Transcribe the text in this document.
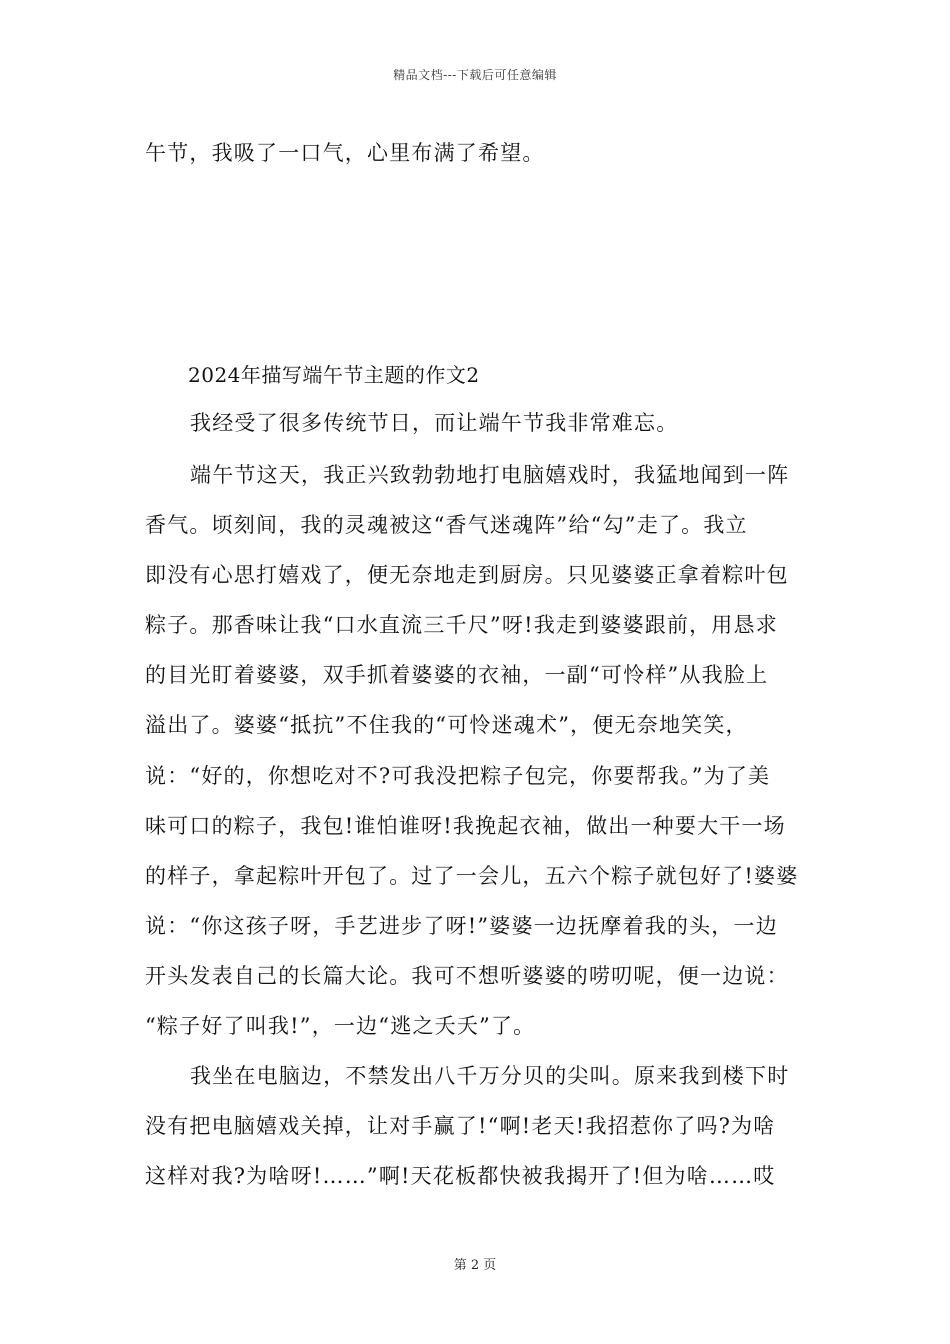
精品文档---下载后可任意编辑
午节，我吸了一口气，心里布满了希望。
2024年描写端午节主题的作文2
我经受了很多传统节日，而让端午节我非常难忘。
端午节这天，我正兴致勃勃地打电脑嬉戏时，我猛地闻到一阵
香气。顷刻间，我的灵魂被这“香气迷魂阵”给“勾”走了。我立
即没有心思打嬉戏了，便无奈地走到厨房。只见婆婆正拿着粽叶包
粽子。那香味让我“口水直流三千尺”呀!我走到婆婆跟前，用恳求
的目光盯着婆婆，双手抓着婆婆的衣袖，一副“可怜样”从我脸上
溢出了。婆婆“抵抗”不住我的“可怜迷魂术”，便无奈地笑笑，
说：“好的，你想吃对不?可我没把粽子包完，你要帮我。”为了美
味可口的粽子，我包!谁怕谁呀!我挽起衣袖，做出一种要大干一场
的样子，拿起粽叶开包了。过了一会儿，五六个粽子就包好了!婆婆
说：“你这孩子呀，手艺进步了呀!”婆婆一边抚摩着我的头，一边
开头发表自己的长篇大论。我可不想听婆婆的唠叨呢，便一边说：
“粽子好了叫我!”，一边“逃之夭夭”了。
我坐在电脑边，不禁发出八千万分贝的尖叫。原来我到楼下时
没有把电脑嬉戏关掉，让对手赢了!“啊!老天!我招惹你了吗?为啥
这样对我?为啥呀!……”啊!天花板都快被我揭开了!但为啥……哎
第 2 页
